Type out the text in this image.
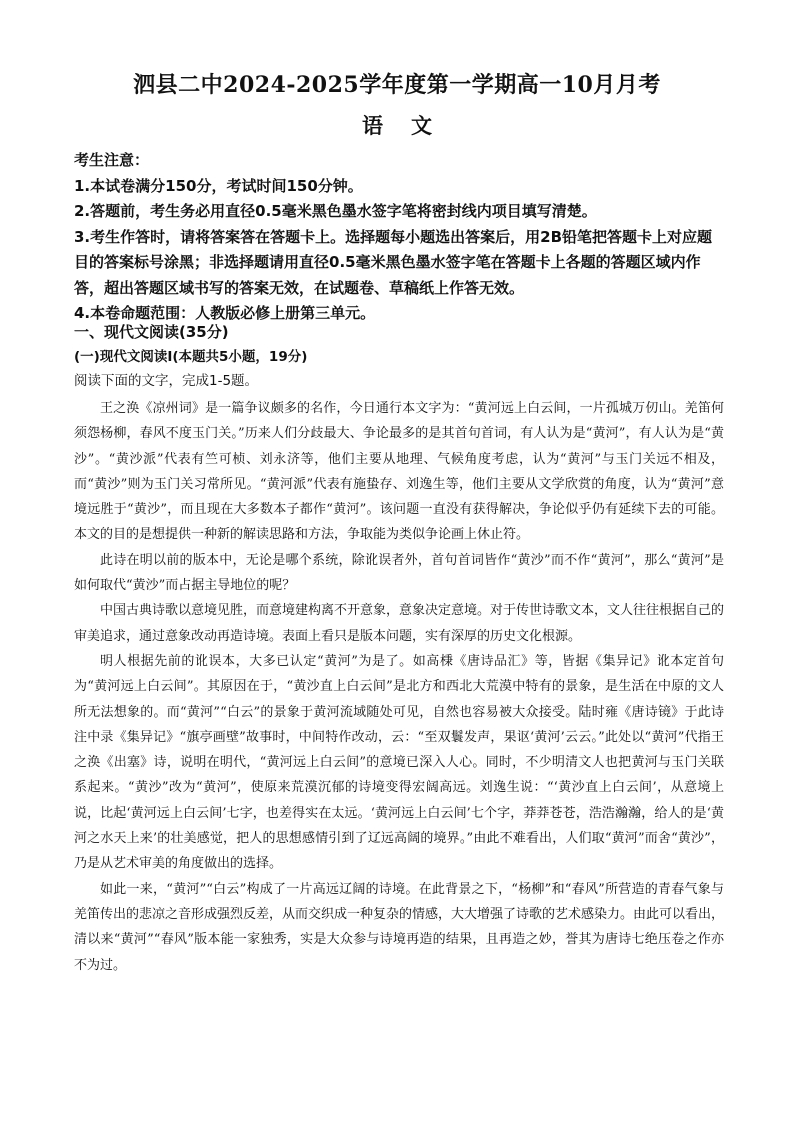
泗县二中2024-2025学年度第一学期高一10月月考
语文

考生注意：

1.本试卷满分150分，考试时间150分钟。

2.答题前，考生务必用直径0.5毫米黑色墨水签字笔将密封线内项目填写清楚。

3.考生作答时，请将答案答在答题卡上。选择题每小题选出答案后，用2B铅笔把答题卡上对应题目的答案标号涂黑；非选择题请用直径0.5毫米黑色墨水签字笔在答题卡上各题的答题区域内作答，超出答题区域书写的答案无效，在试题卷、草稿纸上作答无效。

4.本卷命题范围：人教版必修上册第三单元。

一、现代文阅读(35分)
(一)现代文阅读Ⅰ(本题共5小题，19分)
阅读下面的文字，完成1-5题。

王之涣《凉州词》是一篇争议颇多的名作，今日通行本文字为：“黄河远上白云间，一片孤城万仞山。羌笛何须怨杨柳，春风不度玉门关。”历来人们分歧最大、争论最多的是其首句首词，有人认为是“黄河”，有人认为是“黄沙”。“黄沙派”代表有竺可桢、刘永济等，他们主要从地理、气候角度考虑，认为“黄河”与玉门关远不相及，而“黄沙”则为玉门关习常所见。“黄河派”代表有施蛰存、刘逸生等，他们主要从文学欣赏的角度，认为“黄河”意境远胜于“黄沙”，而且现在大多数本子都作“黄河”。该问题一直没有获得解决，争论似乎仍有延续下去的可能。本文的目的是想提供一种新的解读思路和方法，争取能为类似争论画上休止符。

此诗在明以前的版本中，无论是哪个系统，除讹误者外，首句首词皆作“黄沙”而不作“黄河”，那么“黄河”是如何取代“黄沙”而占据主导地位的呢？

中国古典诗歌以意境见胜，而意境建构离不开意象，意象决定意境。对于传世诗歌文本，文人往往根据自己的审美追求，通过意象改动再造诗境。表面上看只是版本问题，实有深厚的历史文化根源。

明人根据先前的讹误本，大多已认定“黄河”为是了。如高棅《唐诗品汇》等，皆据《集异记》讹本定首句为“黄河远上白云间”。其原因在于，“黄沙直上白云间”是北方和西北大荒漠中特有的景象，是生活在中原的文人所无法想象的。而“黄河”“白云”的景象于黄河流域随处可见，自然也容易被大众接受。陆时雍《唐诗镜》于此诗注中录《集异记》“旗亭画壁”故事时，中间特作改动，云：“至双鬟发声，果讴‘黄河’云云。”此处以“黄河”代指王之涣《出塞》诗，说明在明代，“黄河远上白云间”的意境已深入人心。同时，不少明清文人也把黄河与玉门关联系起来。“黄沙”改为“黄河”，使原来荒漠沉郁的诗境变得宏阔高远。刘逸生说：“‘黄沙直上白云间’，从意境上说，比起‘黄河远上白云间’七字，也差得实在太远。‘黄河远上白云间’七个字，莽莽苍苍，浩浩瀚瀚，给人的是‘黄河之水天上来’的壮美感觉，把人的思想感情引到了辽远高阔的境界。”由此不难看出，人们取“黄河”而舍“黄沙”，乃是从艺术审美的角度做出的选择。

如此一来，“黄河”“白云”构成了一片高远辽阔的诗境。在此背景之下，“杨柳”和“春风”所营造的青春气象与羌笛传出的悲凉之音形成强烈反差，从而交织成一种复杂的情感，大大增强了诗歌的艺术感染力。由此可以看出，清以来“黄河”“春风”版本能一家独秀，实是大众参与诗境再造的结果，且再造之妙，誉其为唐诗七绝压卷之作亦不为过。
